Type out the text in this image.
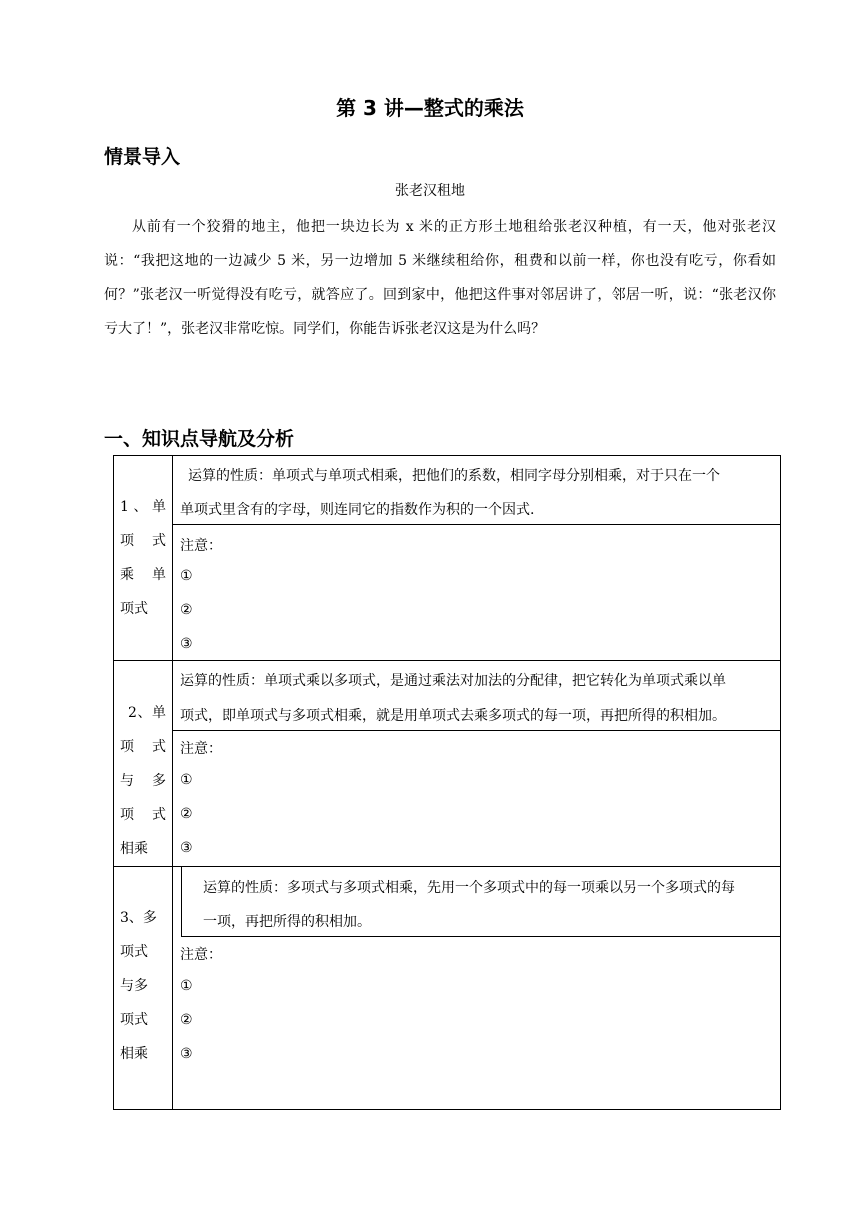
第 3 讲—整式的乘法
情景导入
张老汉租地

从前有一个狡猾的地主，他把一块边长为 x 米的正方形土地租给张老汉种植，有一天，他对张老汉说：“我把这地的一边减少 5 米，另一边增加 5 米继续租给你，租费和以前一样，你也没有吃亏，你看如何？”张老汉一听觉得没有吃亏，就答应了。回到家中，他把这件事对邻居讲了，邻居一听，说：“张老汉你亏大了！”，张老汉非常吃惊。同学们，你能告诉张老汉这是为什么吗？

一、知识点导航及分析
1、单
项 式
乘 单
项式
运算的性质：单项式与单项式相乘，把他们的系数，相同字母分别相乘，对于只在一个
单项式里含有的字母，则连同它的指数作为积的一个因式.
注意：
①
②
③
2、单
项 式
与 多
项 式
相乘
运算的性质：单项式乘以多项式，是通过乘法对加法的分配律，把它转化为单项式乘以单
项式，即单项式与多项式相乘，就是用单项式去乘多项式的每一项，再把所得的积相加。
注意：
①
②
③
3、多
项式
与多
项式
相乘
运算的性质：多项式与多项式相乘，先用一个多项式中的每一项乘以另一个多项式的每
一项，再把所得的积相加。
注意：
①
②
③
